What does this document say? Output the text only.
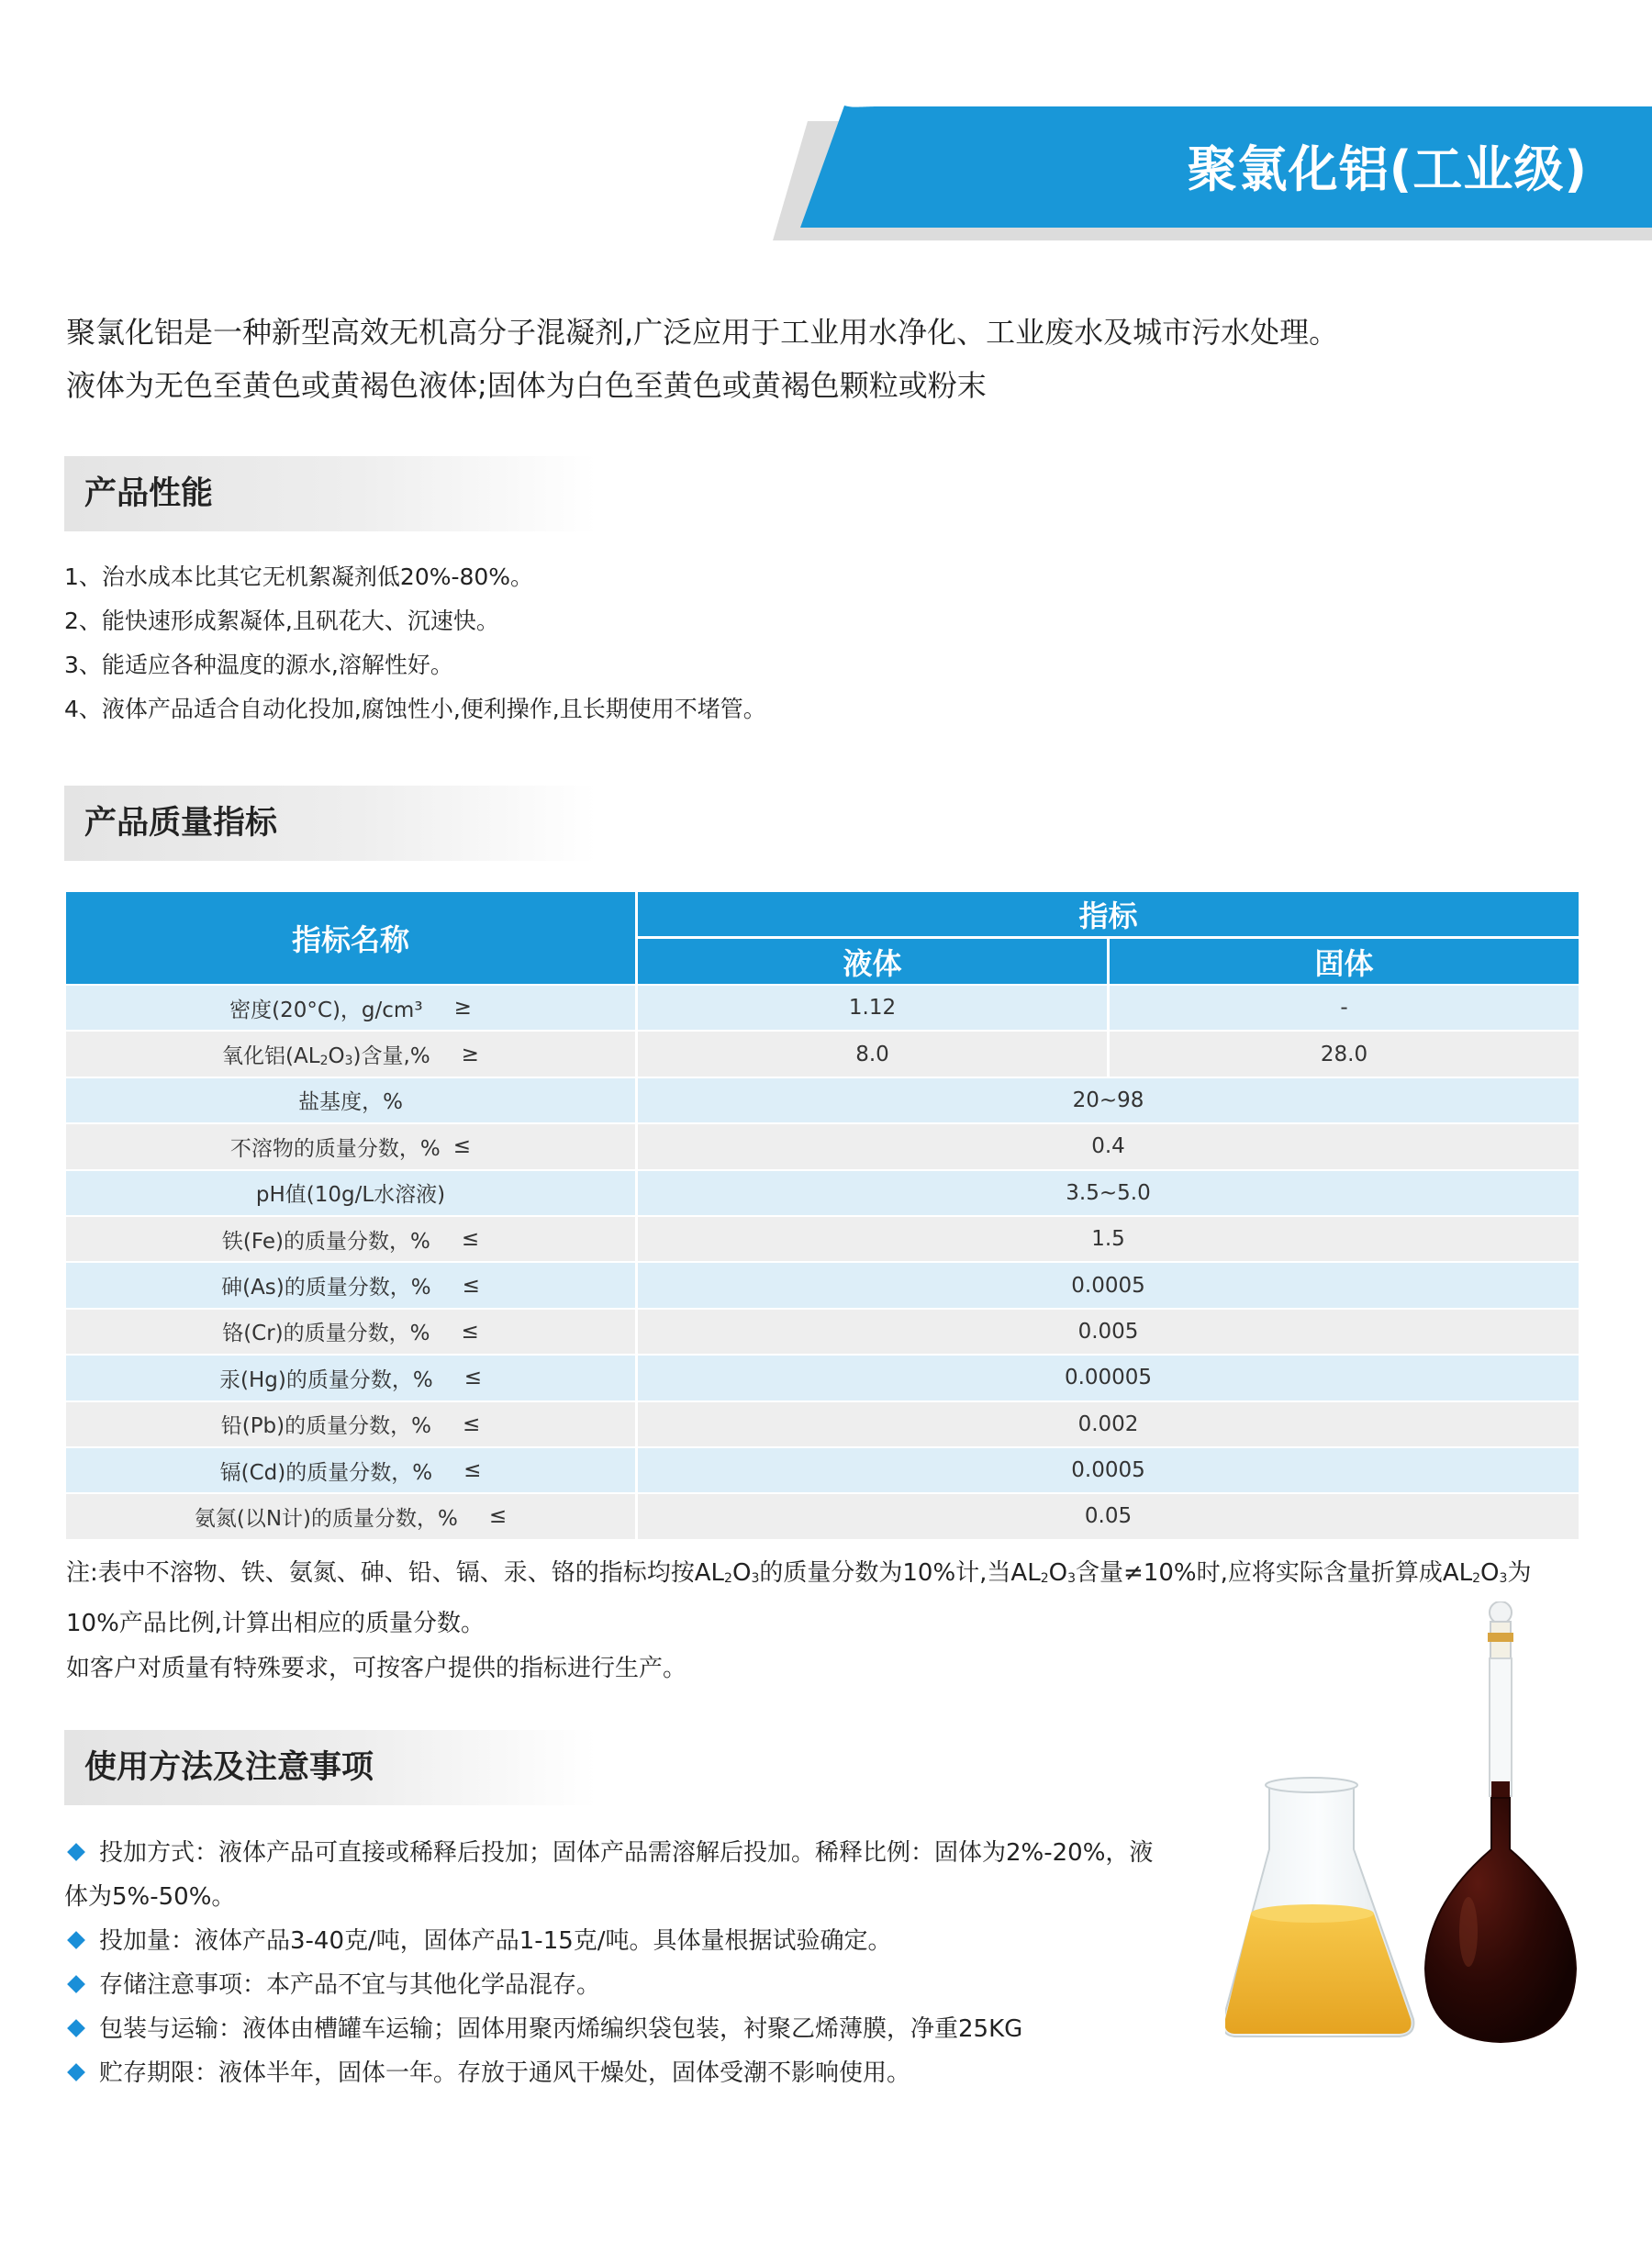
聚氯化铝(工业级)
聚氯化铝是一种新型高效无机高分子混凝剂,广泛应用于工业用水净化、工业废水及城市污水处理。
液体为无色至黄色或黄褐色液体;固体为白色至黄色或黄褐色颗粒或粉末
产品性能
1、治水成本比其它无机絮凝剂低20%-80%。
2、能快速形成絮凝体,且矾花大、沉速快。
3、能适应各种温度的源水,溶解性好。
4、液体产品适合自动化投加,腐蚀性小,便利操作,且长期使用不堵管。
产品质量指标
指标名称
指标
液体	固体
密度(20°C)，g/cm³ ≥	1.12	-
氧化铝$(AL_2O_3)$含量,% ≥	8.0	28.0
盐基度，%	20~98
不溶物的质量分数，% ≤	0.4
pH值(10g/L水溶液)	3.5~5.0
铁(Fe)的质量分数，% ≤	1.5
砷(As)的质量分数，% ≤	0.0005
铬(Cr)的质量分数，% ≤	0.005
汞(Hg)的质量分数，% ≤	0.00005
铅(Pb)的质量分数，% ≤	0.002
镉(Cd)的质量分数，% ≤	0.0005
氨氮(以N计)的质量分数，% ≤	0.05
注:表中不溶物、铁、氨氮、砷、铅、镉、汞、铬的指标均按$AL_2O_3$的质量分数为10%计,当$AL_2O_3$含量≠10%时,应将实际含量折算成$AL_2O_3$为
10%产品比例,计算出相应的质量分数。
如客户对质量有特殊要求，可按客户提供的指标进行生产。
使用方法及注意事项
投加方式：液体产品可直接或稀释后投加；固体产品需溶解后投加。稀释比例：固体为2%-20%，液
体为5%-50%。
投加量：液体产品3-40克/吨，固体产品1-15克/吨。具体量根据试验确定。
存储注意事项：本产品不宜与其他化学品混存。
包装与运输：液体由槽罐车运输；固体用聚丙烯编织袋包装，衬聚乙烯薄膜，净重25KG
贮存期限：液体半年，固体一年。存放于通风干燥处，固体受潮不影响使用。
